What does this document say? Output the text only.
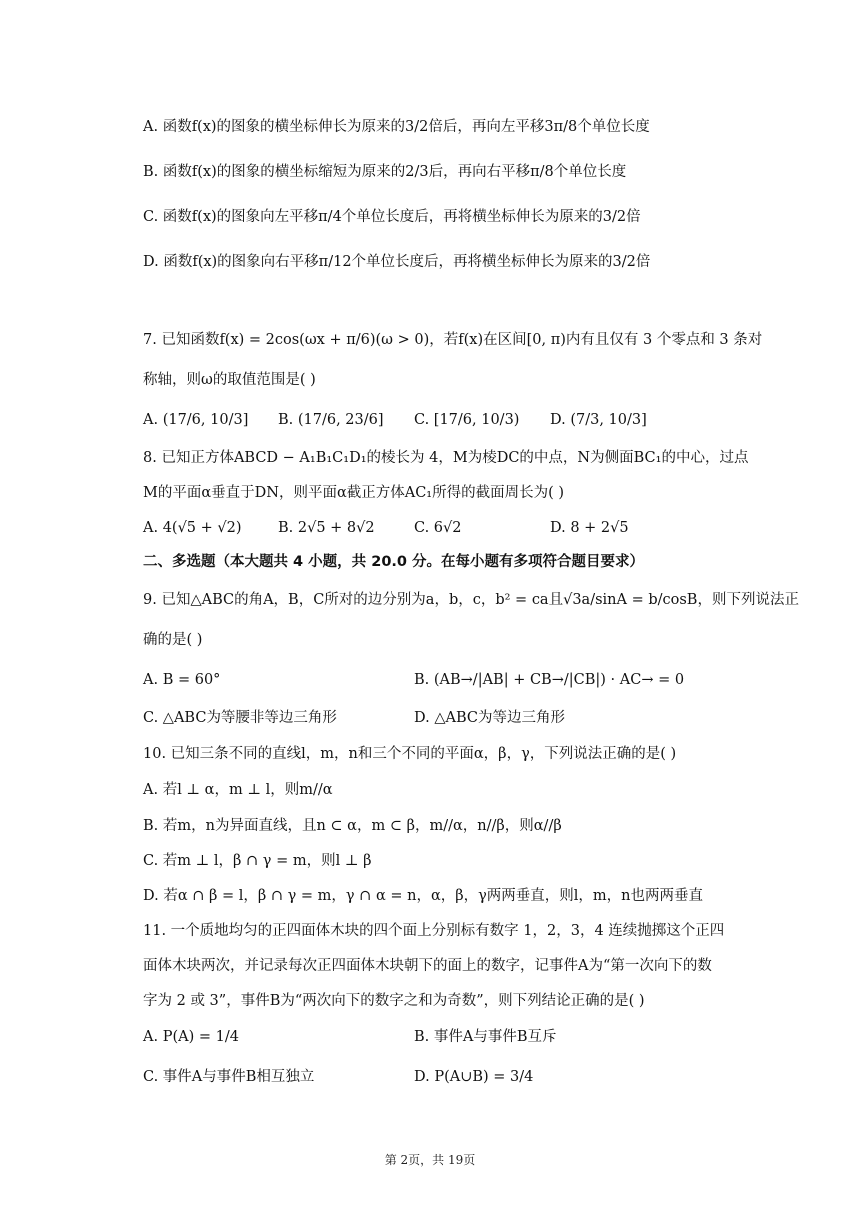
A. 函数f(x)的图象的横坐标伸长为原来的3/2倍后，再向左平移3π/8个单位长度
B. 函数f(x)的图象的横坐标缩短为原来的2/3后，再向右平移π/8个单位长度
C. 函数f(x)的图象向左平移π/4个单位长度后，再将横坐标伸长为原来的3/2倍
D. 函数f(x)的图象向右平移π/12个单位长度后，再将横坐标伸长为原来的3/2倍
7. 已知函数f(x) = 2cos(ωx + π/6)(ω > 0)，若f(x)在区间[0, π)内有且仅有 3 个零点和 3 条对
称轴，则ω的取值范围是( )
A. (17/6, 10/3] B. (17/6, 23/6] C. [17/6, 10/3) D. (7/3, 10/3]
8. 已知正方体ABCD − A₁B₁C₁D₁的棱长为 4，M为棱DC的中点，N为侧面BC₁的中心，过点
M的平面α垂直于DN，则平面α截正方体AC₁所得的截面周长为( )
A. 4(√5 + √2)	B. 2√5 + 8√2	C. 6√2	D. 8 + 2√5
二、多选题（本大题共 4 小题，共 20.0 分。在每小题有多项符合题目要求）
9. 已知△ABC的角A，B，C所对的边分别为a，b，c，b² = ca且√3a/sinA = b/cosB，则下列说法正
确的是( )
A. B = 60°	B. (AB→/|AB| + CB→/|CB|) · AC→ = 0
C. △ABC为等腰非等边三角形	D. △ABC为等边三角形
10. 已知三条不同的直线l，m，n和三个不同的平面α，β，γ，下列说法正确的是( )
A. 若l ⊥ α，m ⊥ l，则m//α
B. 若m，n为异面直线，且n ⊂ α，m ⊂ β，m//α，n//β，则α//β
C. 若m ⊥ l，β ∩ γ = m，则l ⊥ β
D. 若α ∩ β = l，β ∩ γ = m，γ ∩ α = n，α，β，γ两两垂直，则l，m，n也两两垂直
11. 一个质地均匀的正四面体木块的四个面上分别标有数字 1，2，3，4 连续抛掷这个正四
面体木块两次，并记录每次正四面体木块朝下的面上的数字，记事件A为“第一次向下的数
字为 2 或 3”，事件B为“两次向下的数字之和为奇数”，则下列结论正确的是( )
A. P(A) = 1/4	B. 事件A与事件B互斥
C. 事件A与事件B相互独立	D. P(A∪B) = 3/4
第 2页，共 19页
